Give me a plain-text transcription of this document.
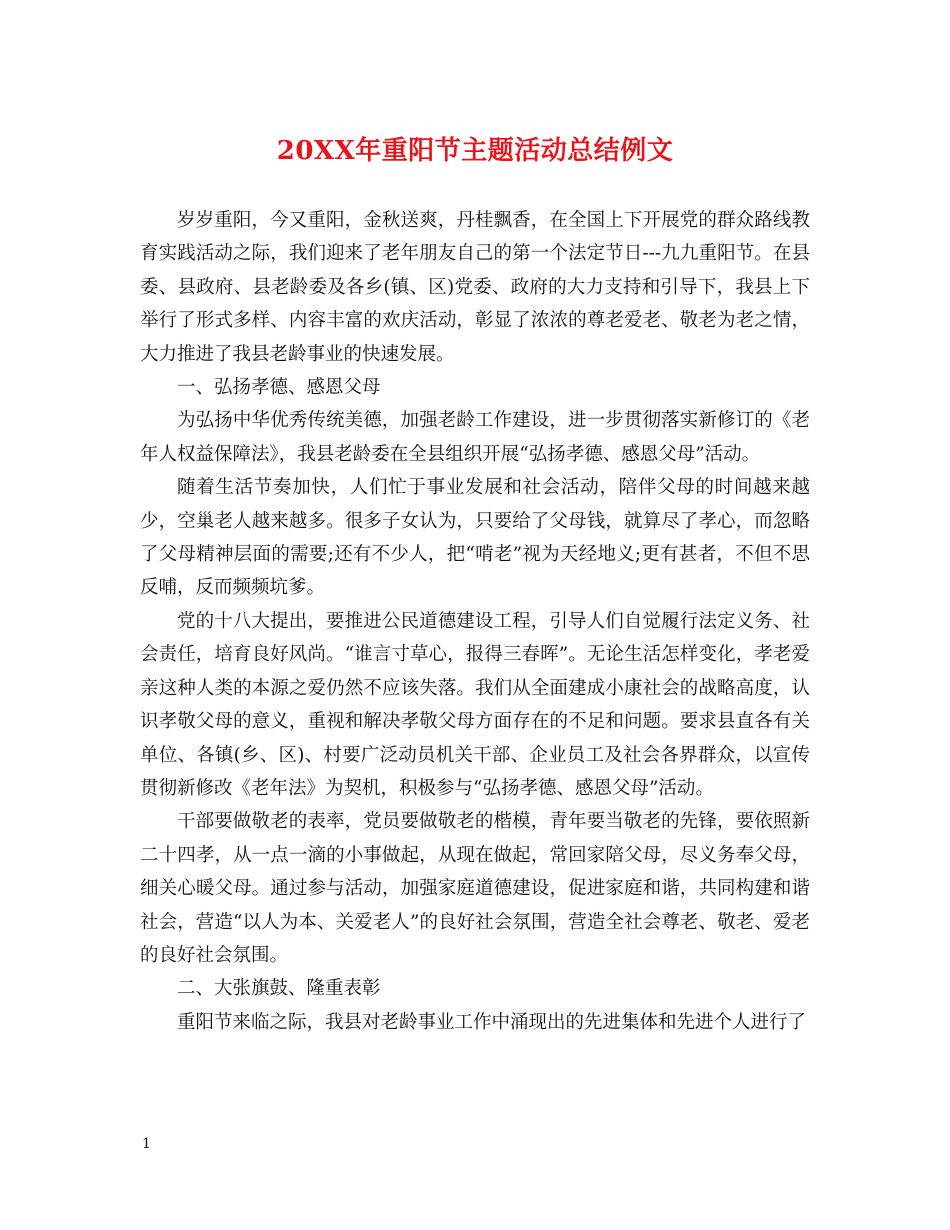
20XX年重阳节主题活动总结例文

岁岁重阳，今又重阳，金秋送爽，丹桂飘香，在全国上下开展党的群众路线教育实践活动之际，我们迎来了老年朋友自己的第一个法定节日---九九重阳节。在县委、县政府、县老龄委及各乡(镇、区)党委、政府的大力支持和引导下，我县上下举行了形式多样、内容丰富的欢庆活动，彰显了浓浓的尊老爱老、敬老为老之情，大力推进了我县老龄事业的快速发展。

一、弘扬孝德、感恩父母

为弘扬中华优秀传统美德，加强老龄工作建设，进一步贯彻落实新修订的《老年人权益保障法》，我县老龄委在全县组织开展“弘扬孝德、感恩父母”活动。

随着生活节奏加快，人们忙于事业发展和社会活动，陪伴父母的时间越来越少，空巢老人越来越多。很多子女认为，只要给了父母钱，就算尽了孝心，而忽略了父母精神层面的需要;还有不少人，把“啃老”视为天经地义;更有甚者，不但不思反哺，反而频频坑爹。

党的十八大提出，要推进公民道德建设工程，引导人们自觉履行法定义务、社会责任，培育良好风尚。“谁言寸草心，报得三春晖”。无论生活怎样变化，孝老爱亲这种人类的本源之爱仍然不应该失落。我们从全面建成小康社会的战略高度，认识孝敬父母的意义，重视和解决孝敬父母方面存在的不足和问题。要求县直各有关单位、各镇(乡、区)、村要广泛动员机关干部、企业员工及社会各界群众，以宣传贯彻新修改《老年法》为契机，积极参与“弘扬孝德、感恩父母”活动。

干部要做敬老的表率，党员要做敬老的楷模，青年要当敬老的先锋，要依照新二十四孝，从一点一滴的小事做起，从现在做起，常回家陪父母，尽义务奉父母，细关心暖父母。通过参与活动，加强家庭道德建设，促进家庭和谐，共同构建和谐社会，营造“以人为本、关爱老人”的良好社会氛围，营造全社会尊老、敬老、爱老的良好社会氛围。

二、大张旗鼓、隆重表彰

重阳节来临之际，我县对老龄事业工作中涌现出的先进集体和先进个人进行了

1
